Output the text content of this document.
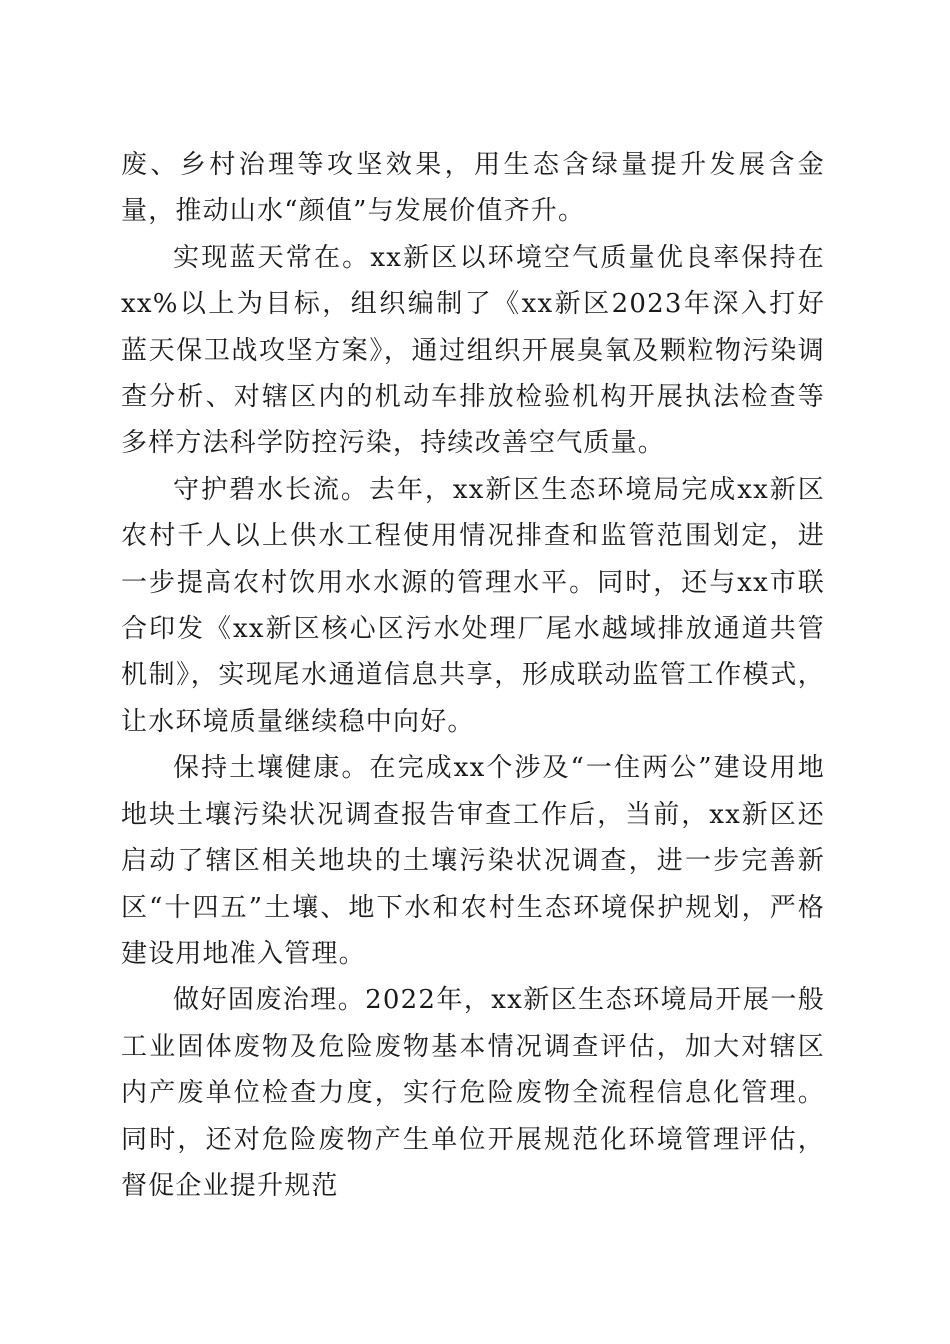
废、乡村治理等攻坚效果，用生态含绿量提升发展含金量，推动山水“颜值”与发展价值齐升。

实现蓝天常在。xx新区以环境空气质量优良率保持在xx%以上为目标，组织编制了《xx新区2023年深入打好蓝天保卫战攻坚方案》，通过组织开展臭氧及颗粒物污染调查分析、对辖区内的机动车排放检验机构开展执法检查等多样方法科学防控污染，持续改善空气质量。

守护碧水长流。去年，xx新区生态环境局完成xx新区农村千人以上供水工程使用情况排查和监管范围划定，进一步提高农村饮用水水源的管理水平。同时，还与xx市联合印发《xx新区核心区污水处理厂尾水越域排放通道共管机制》，实现尾水通道信息共享，形成联动监管工作模式，让水环境质量继续稳中向好。

保持土壤健康。在完成xx个涉及“一住两公”建设用地地块土壤污染状况调查报告审查工作后，当前，xx新区还启动了辖区相关地块的土壤污染状况调查，进一步完善新区“十四五”土壤、地下水和农村生态环境保护规划，严格建设用地准入管理。

做好固废治理。2022年，xx新区生态环境局开展一般工业固体废物及危险废物基本情况调查评估，加大对辖区内产废单位检查力度，实行危险废物全流程信息化管理。同时，还对危险废物产生单位开展规范化环境管理评估，督促企业提升规范
